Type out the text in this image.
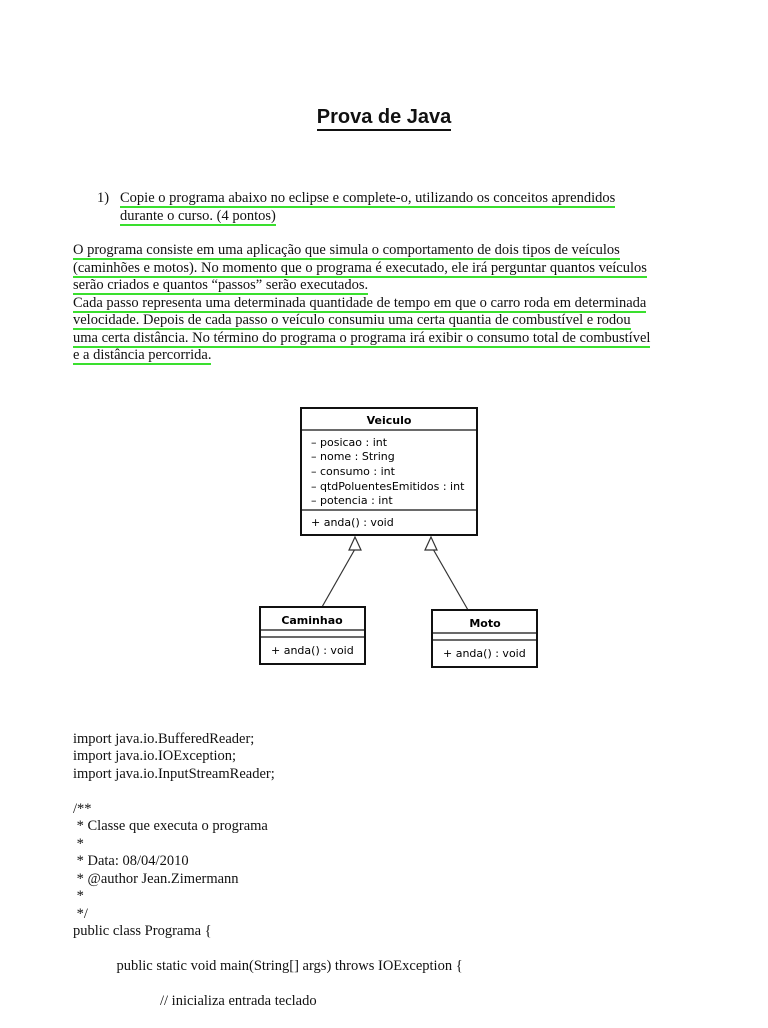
Prova de Java
1) Copie o programa abaixo no eclipse e complete-o, utilizando os conceitos aprendidos
durante o curso. (4 pontos)
O programa consiste em uma aplicação que simula o comportamento de dois tipos de veículos
(caminhões e motos). No momento que o programa é executado, ele irá perguntar quantos veículos
serão criados e quantos “passos” serão executados.
Cada passo representa uma determinada quantidade de tempo em que o carro roda em determinada
velocidade. Depois de cada passo o veículo consumiu uma certa quantia de combustível e rodou
uma certa distância. No término do programa o programa irá exibir o consumo total de combustível
e a distância percorrida.
Veiculo
– posicao : int
– nome : String
– consumo : int
– qtdPoluentesEmitidos : int
– potencia : int
+ anda() : void
Caminhao
+ anda() : void
Moto
+ anda() : void

import java.io.BufferedReader;
import java.io.IOException;
import java.io.InputStreamReader;
/**
* Classe que executa o programa
*
* Data: 08/04/2010
* @author Jean.Zimermann
*
*/
public class Programa {
public static void main(String[] args) throws IOException {
// inicializa entrada teclado
